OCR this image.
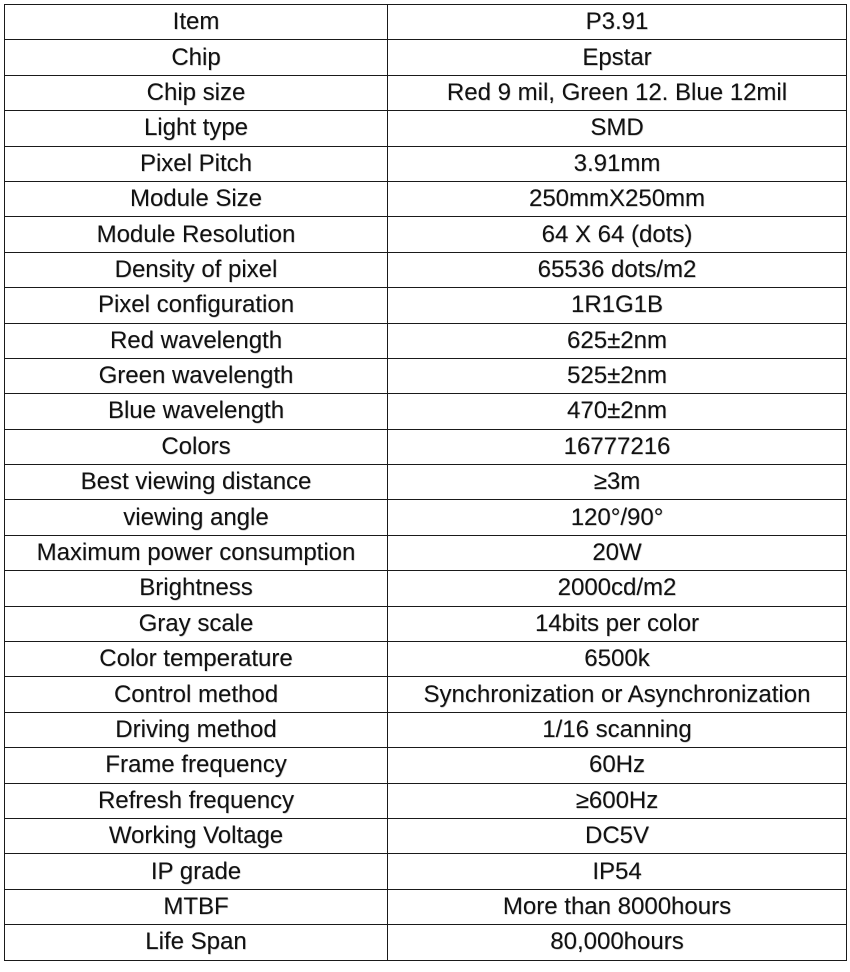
Item	P3.91
Chip	Epstar
Chip size	Red 9 mil, Green 12. Blue 12mil
Light type	SMD
Pixel Pitch	3.91mm
Module Size	250mmX250mm
Module Resolution	64 X 64 (dots)
Density of pixel	65536 dots/m2
Pixel configuration	1R1G1B
Red wavelength	625±2nm
Green wavelength	525±2nm
Blue wavelength	470±2nm
Colors	16777216
Best viewing distance	≥3m
viewing angle	120°/90°
Maximum power consumption	20W
Brightness	2000cd/m2
Gray scale	14bits per color
Color temperature	6500k
Control method	Synchronization or Asynchronization
Driving method	1/16 scanning
Frame frequency	60Hz
Refresh frequency	≥600Hz
Working Voltage	DC5V
IP grade	IP54
MTBF	More than 8000hours
Life Span	80,000hours
